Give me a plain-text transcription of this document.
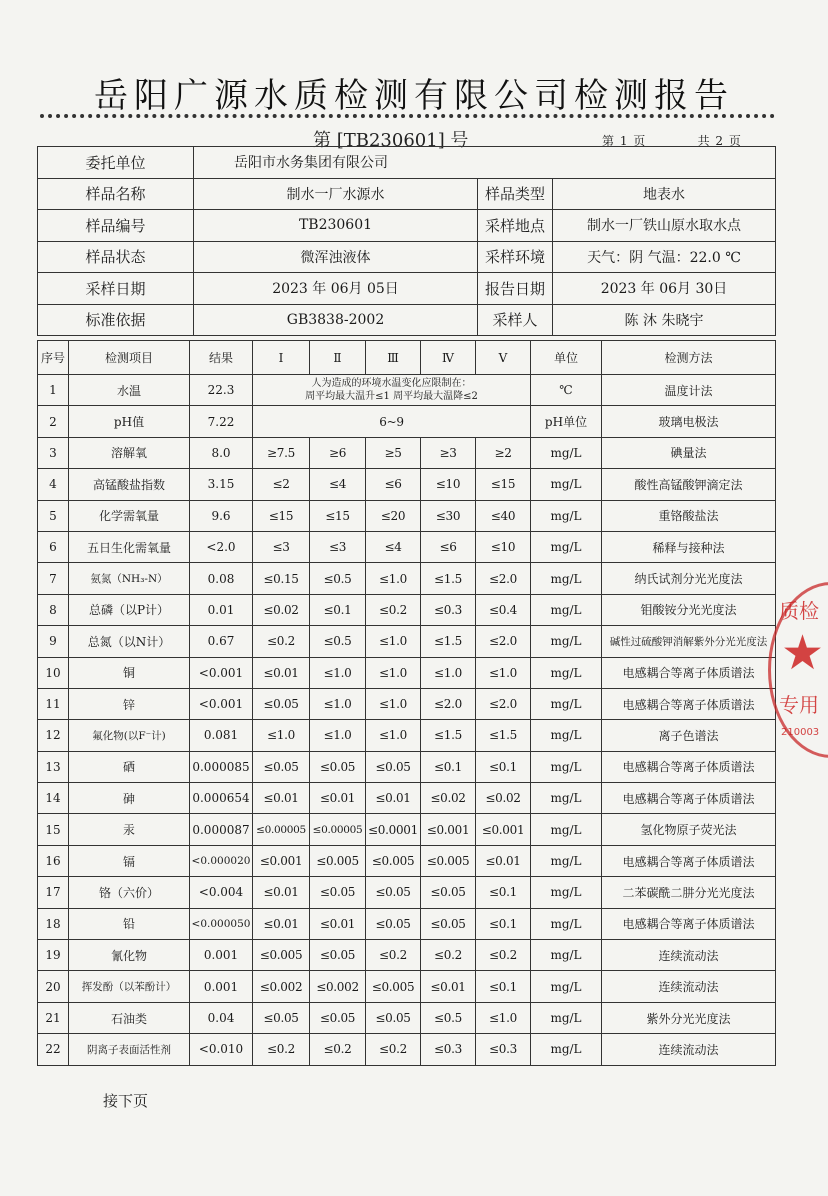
岳阳广源水质检测有限公司检测报告
第 [TB230601] 号	第 1 页	共 2 页
委托单位	岳阳市水务集团有限公司		
样品名称	制水一厂水源水	样品类型	地表水
样品编号	TB230601	采样地点	制水一厂铁山原水取水点
样品状态	微浑浊液体	采样环境	天气：阴 气温：22.0 ℃
采样日期	2023 年 06月 05日	报告日期	2023 年 06月 30日
标准依据	GB3838-2002	采样人	陈 沐 朱晓宇
序号	检测项目	结果	Ⅰ	Ⅱ	Ⅲ	Ⅳ	Ⅴ	单位	检测方法
1	水温	22.3	人为造成的环境水温变化应限制在：
周平均最大温升≤1 周平均最大温降≤2					℃	温度计法
2	pH值	7.22	6~9					pH单位	玻璃电极法
3	溶解氧	8.0	≥7.5	≥6	≥5	≥3	≥2	mg/L	碘量法
4	高锰酸盐指数	3.15	≤2	≤4	≤6	≤10	≤15	mg/L	酸性高锰酸钾滴定法
5	化学需氧量	9.6	≤15	≤15	≤20	≤30	≤40	mg/L	重铬酸盐法
6	五日生化需氧量	<2.0	≤3	≤3	≤4	≤6	≤10	mg/L	稀释与接种法
7	氨氮（NH₃-N）	0.08	≤0.15	≤0.5	≤1.0	≤1.5	≤2.0	mg/L	纳氏试剂分光光度法
8	总磷（以P计）	0.01	≤0.02	≤0.1	≤0.2	≤0.3	≤0.4	mg/L	钼酸铵分光光度法
9	总氮（以N计）	0.67	≤0.2	≤0.5	≤1.0	≤1.5	≤2.0	mg/L	碱性过硫酸钾消解紫外分光光度法
10	铜	<0.001	≤0.01	≤1.0	≤1.0	≤1.0	≤1.0	mg/L	电感耦合等离子体质谱法
11	锌	<0.001	≤0.05	≤1.0	≤1.0	≤2.0	≤2.0	mg/L	电感耦合等离子体质谱法
12	氟化物(以F⁻计)	0.081	≤1.0	≤1.0	≤1.0	≤1.5	≤1.5	mg/L	离子色谱法
13	硒	0.000085	≤0.05	≤0.05	≤0.05	≤0.1	≤0.1	mg/L	电感耦合等离子体质谱法
14	砷	0.000654	≤0.01	≤0.01	≤0.01	≤0.02	≤0.02	mg/L	电感耦合等离子体质谱法
15	汞	0.000087	≤0.00005	≤0.00005	≤0.0001	≤0.001	≤0.001	mg/L	氢化物原子荧光法
16	镉	<0.000020	≤0.001	≤0.005	≤0.005	≤0.005	≤0.01	mg/L	电感耦合等离子体质谱法
17	铬（六价）	<0.004	≤0.01	≤0.05	≤0.05	≤0.05	≤0.1	mg/L	二苯碳酰二肼分光光度法
18	铅	<0.000050	≤0.01	≤0.01	≤0.05	≤0.05	≤0.1	mg/L	电感耦合等离子体质谱法
19	氰化物	0.001	≤0.005	≤0.05	≤0.2	≤0.2	≤0.2	mg/L	连续流动法
20	挥发酚（以苯酚计）	0.001	≤0.002	≤0.002	≤0.005	≤0.01	≤0.1	mg/L	连续流动法
21	石油类	0.04	≤0.05	≤0.05	≤0.05	≤0.5	≤1.0	mg/L	紫外分光光度法
22	阴离子表面活性剂	<0.010	≤0.2	≤0.2	≤0.2	≤0.3	≤0.3	mg/L	连续流动法
接下页
质检
★
专用
210003
